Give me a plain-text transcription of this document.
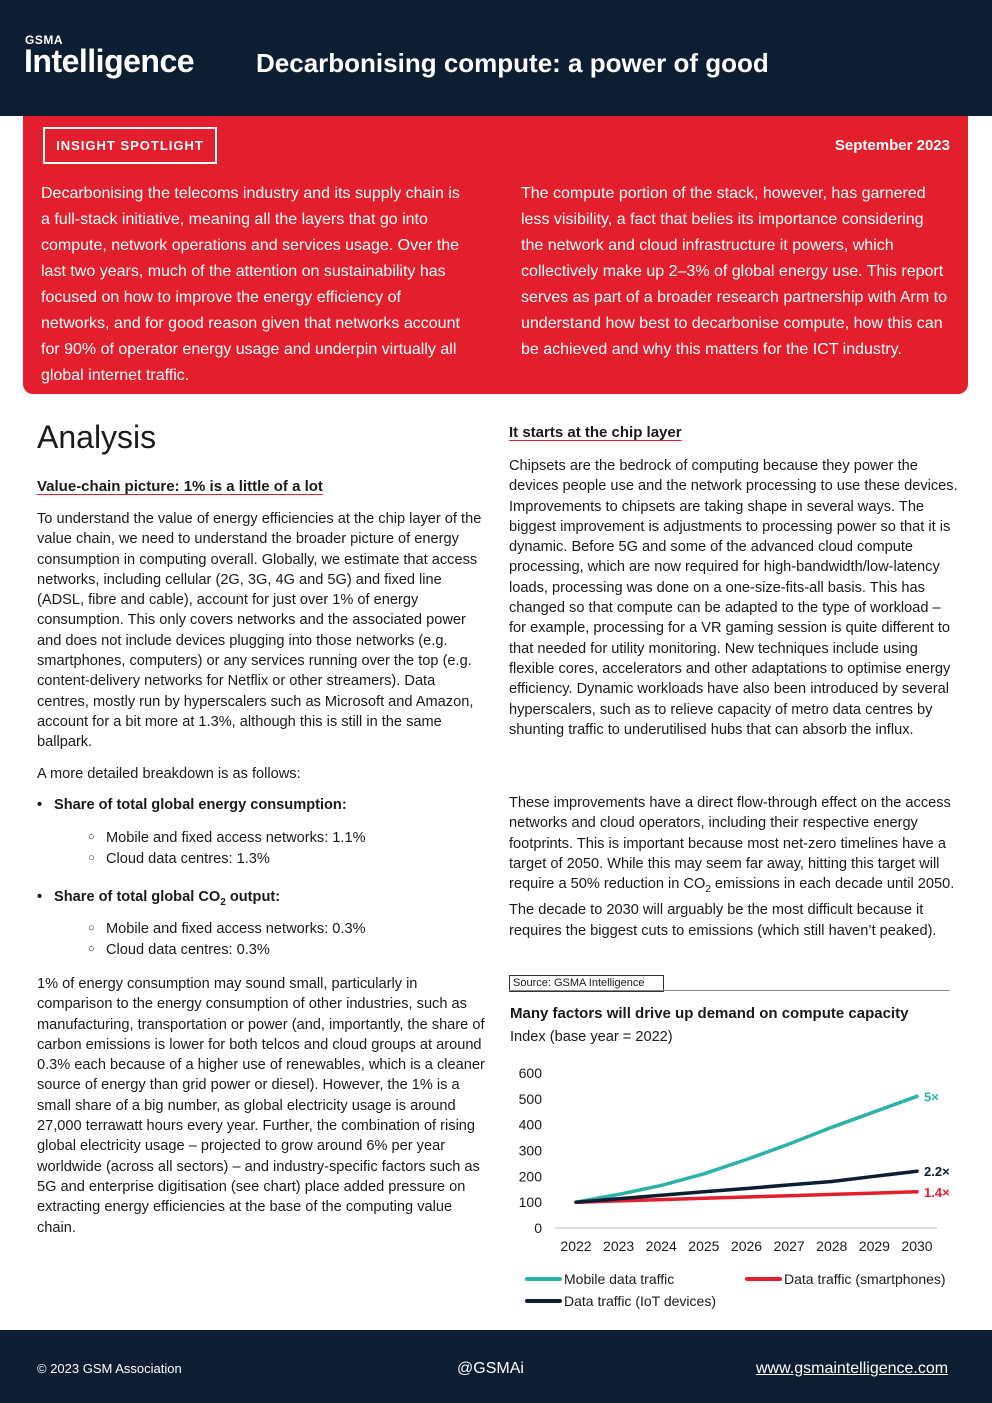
GSMA
Intelligence Decarbonising compute: a power of good
INSIGHT SPOTLIGHT	September 2023

Decarbonising the telecoms industry and its supply chain is a full-stack initiative, meaning all the layers that go into compute, network operations and services usage. Over the last two years, much of the attention on sustainability has focused on how to improve the energy efficiency of networks, and for good reason given that networks account for 90% of operator energy usage and underpin virtually all global internet traffic.

The compute portion of the stack, however, has garnered less visibility, a fact that belies its importance considering the network and cloud infrastructure it powers, which collectively make up 2–3% of global energy use. This report serves as part of a broader research partnership with Arm to understand how best to decarbonise compute, how this can be achieved and why this matters for the ICT industry.

Analysis
Value-chain picture: 1% is a little of a lot

To understand the value of energy efficiencies at the chip layer of the value chain, we need to understand the broader picture of energy consumption in computing overall. Globally, we estimate that access networks, including cellular (2G, 3G, 4G and 5G) and fixed line (ADSL, fibre and cable), account for just over 1% of energy consumption. This only covers networks and the associated power and does not include devices plugging into those networks (e.g. smartphones, computers) or any services running over the top (e.g. content-delivery networks for Netflix or other streamers). Data centres, mostly run by hyperscalers such as Microsoft and Amazon, account for a bit more at 1.3%, although this is still in the same ballpark.

A more detailed breakdown is as follows:

• Share of total global energy consumption:
○ Mobile and fixed access networks: 1.1%
○ Cloud data centres: 1.3%
• Share of total global $CO_2$ output:
○ Mobile and fixed access networks: 0.3%
○ Cloud data centres: 0.3%

1% of energy consumption may sound small, particularly in comparison to the energy consumption of other industries, such as manufacturing, transportation or power (and, importantly, the share of carbon emissions is lower for both telcos and cloud groups at around 0.3% each because of a higher use of renewables, which is a cleaner source of energy than grid power or diesel). However, the 1% is a small share of a big number, as global electricity usage is around 27,000 terrawatt hours every year. Further, the combination of rising global electricity usage – projected to grow around 6% per year worldwide (across all sectors) – and industry-specific factors such as 5G and enterprise digitisation (see chart) place added pressure on extracting energy efficiencies at the base of the computing value chain.

It starts at the chip layer

Chipsets are the bedrock of computing because they power the devices people use and the network processing to use these devices. Improvements to chipsets are taking shape in several ways. The biggest improvement is adjustments to processing power so that it is dynamic. Before 5G and some of the advanced cloud compute processing, which are now required for high-bandwidth/low-latency loads, processing was done on a one-size-fits-all basis. This has changed so that compute can be adapted to the type of workload – for example, processing for a VR gaming session is quite different to that needed for utility monitoring. New techniques include using flexible cores, accelerators and other adaptations to optimise energy efficiency. Dynamic workloads have also been introduced by several hyperscalers, such as to relieve capacity of metro data centres by shunting traffic to underutilised hubs that can absorb the influx.

These improvements have a direct flow-through effect on the access networks and cloud operators, including their respective energy footprints. This is important because most net-zero timelines have a target of 2050. While this may seem far away, hitting this target will require a 50% reduction in $CO_2$ emissions in each decade until 2050. The decade to 2030 will arguably be the most difficult because it requires the biggest cuts to emissions (which still haven’t peaked).

Source: GSMA Intelligence
Many factors will drive up demand on compute capacity
Index (base year = 2022)
0
100
200
300
400
500
600
2022 2023 2024 2025 2026 2027 2028 2029 2030
5×
1.4×
2.2×
Mobile data traffic	Data traffic (smartphones)
Data traffic (IoT devices)
© 2023 GSM Association	@GSMAi	www.gsmaintelligence.com
